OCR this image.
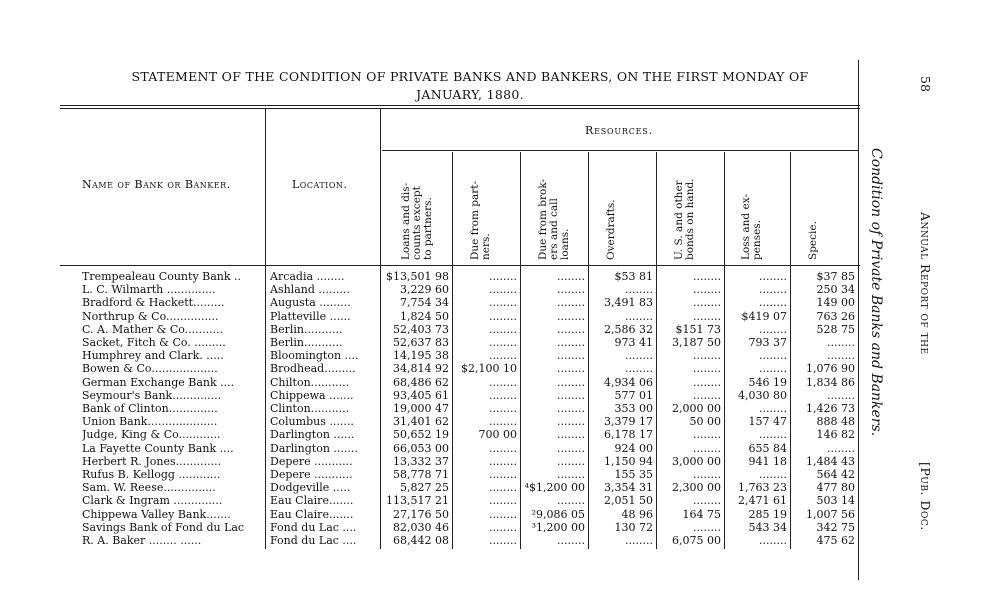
STATEMENT OF THE CONDITION OF PRIVATE BANKS AND BANKERS, ON THE FIRST MONDAY OF
JANUARY, 1880.
Name of Bank or Banker.	Location.
Resources.
Loans and dis-
counts except
to partners.
Due from part-
ners.	Due from brok-
ers and call
loans.	Overdrafts.	U. S. and other
bonds on hand.
Loss and ex-
penses.	Specie.
Trempealeau County Bank ..	Arcadia ........	$13,501 98	........	........	$53 81	........	........	$37 85
L. C. Wilmarth ..............	Ashland .........	3,229 60	........	........	........	........	........	250 34
Bradford & Hackett.........	Augusta .........	7,754 34	........	........	3,491 83	........	........	149 00
Northrup & Co...............	Platteville ......	1,824 50	........	........	........	........	$419 07	763 26
C. A. Mather & Co...........	Berlin...........	52,403 73	........	........	2,586 32	$151 73	........	528 75
Sacket, Fitch & Co. .........	Berlin...........	52,637 83	........	........	973 41	3,187 50	793 37	........
Humphrey and Clark. .....	Bloomington ....	14,195 38	........	........	........	........	........	........
Bowen & Co...................	Brodhead.........	34,814 92	$2,100 10	........	........	........	........	1,076 90
German Exchange Bank ....	Chilton...........	68,486 62	........	........	4,934 06	........	546 19	1,834 86
Seymour's Bank..............	Chippewa .......	93,405 61	........	........	577 01	........	4,030 80	........
Bank of Clinton..............	Clinton...........	19,000 47	........	........	353 00	2,000 00	........	1,426 73
Union Bank....................	Columbus .......	31,401 62	........	........	3,379 17	50 00	157 47	888 48
Judge, King & Co............	Darlington ......	50,652 19	700 00	........	6,178 17	........	........	146 82
La Fayette County Bank ....	Darlington .......	66,053 00	........	........	924 00	........	655 84	........
Herbert R. Jones.............	Depere ...........	13,332 37	........	........	1,150 94	3,000 00	941 18	1,484 43
Rufus B. Kellogg ............	Depere ...........	58,778 71	........	........	155 35	........	........	564 42
Sam. W. Reese...............	Dodgeville .....	5,827 25	........ ⁴$1,200 00	3,354 31	2,300 00	1,763 23	477 80
Clark & Ingram ..............	Eau Claire.......	113,517 21	........	........	2,051 50	........	2,471 61	503 14
Chippewa Valley Bank.......	Eau Claire.......	27,176 50	........	²9,086 05	48 96	164 75	285 19	1,007 56
Savings Bank of Fond du Lac	Fond du Lac ....	82,030 46	........	³1,200 00	130 72	........	543 34	342 75
R. A. Baker ........ ......	Fond du Lac ....	68,442 08	........	........	........	6,075 00	........	475 62
Condition of Private Banks and Bankers.
58
Annual Report of the
[Pub. Doc.
